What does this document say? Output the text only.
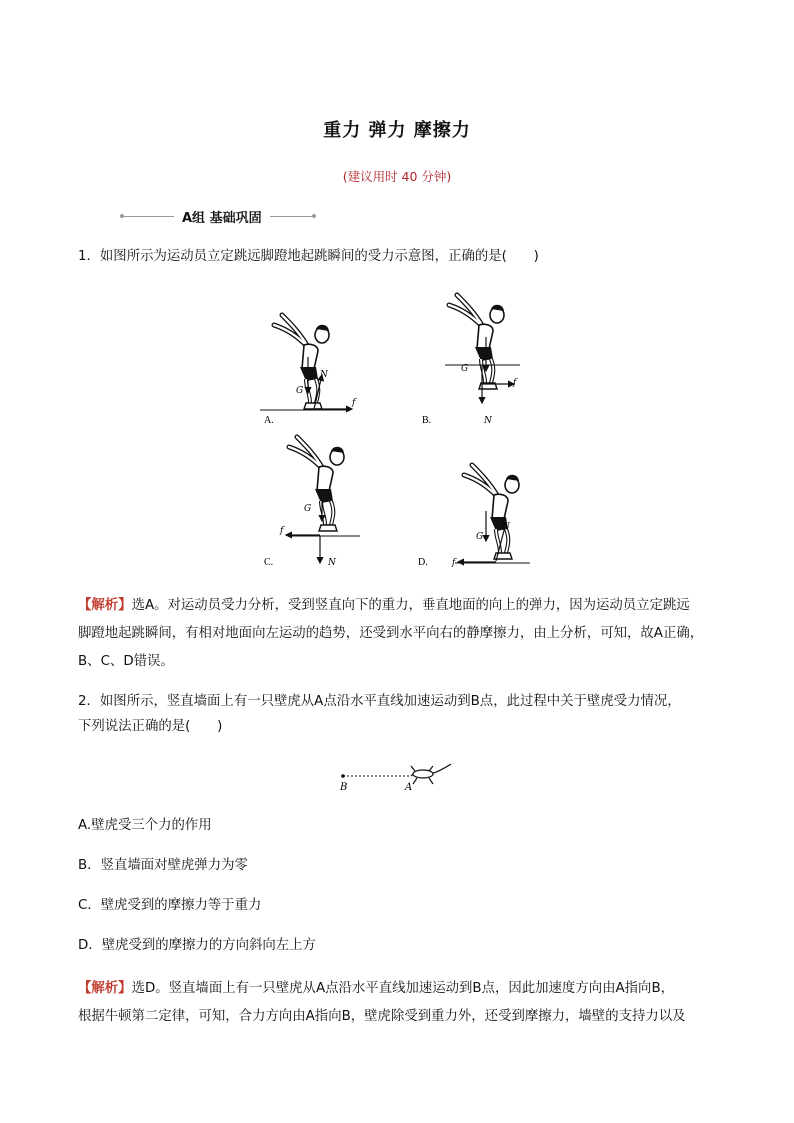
重力 弹力 摩擦力
(建议用时 40 分钟)
A组 基础巩固
1．如图所示为运动员立定跳远脚蹬地起跳瞬间的受力示意图，正确的是(　　)
G
N
f
A.
G
N
f
B.
G
N
f
C.
G
N
f
D.
【解析】选A。对运动员受力分析，受到竖直向下的重力，垂直地面的向上的弹力，因为运动员立定跳远
脚蹬地起跳瞬间，有相对地面向左运动的趋势，还受到水平向右的静摩擦力，由上分析，可知，故A正确，
B、C、D错误。
2．如图所示，竖直墙面上有一只壁虎从A点沿水平直线加速运动到B点，此过程中关于壁虎受力情况，
下列说法正确的是(　　)
B	A
A.壁虎受三个力的作用
B．竖直墙面对壁虎弹力为零
C．壁虎受到的摩擦力等于重力
D．壁虎受到的摩擦力的方向斜向左上方
【解析】选D。竖直墙面上有一只壁虎从A点沿水平直线加速运动到B点，因此加速度方向由A指向B，
根据牛顿第二定律，可知，合力方向由A指向B，壁虎除受到重力外，还受到摩擦力，墙壁的支持力以及
